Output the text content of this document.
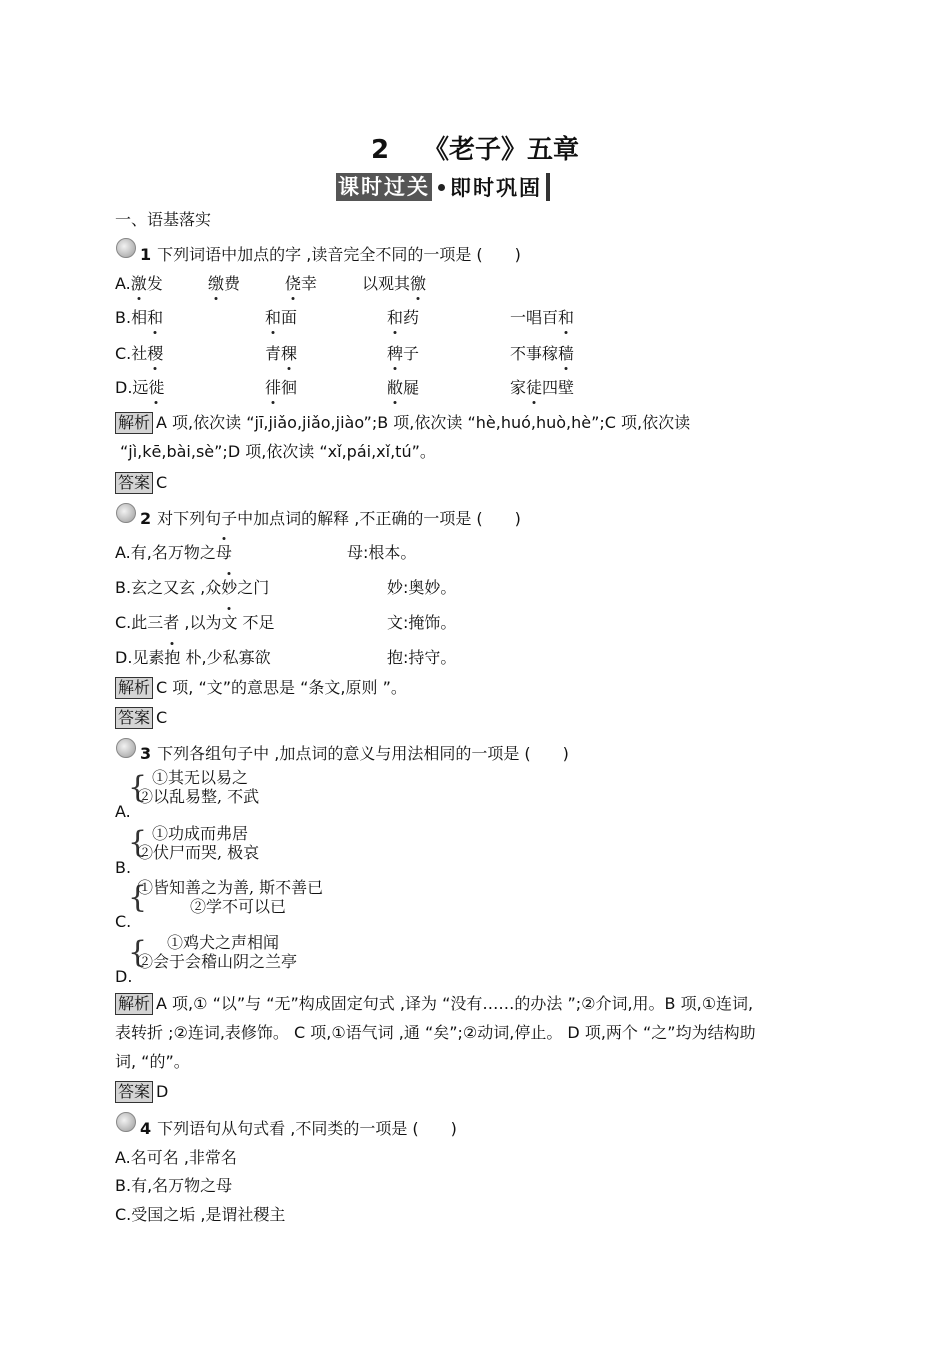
2 《老子》五章
课时过关 即时巩固
一、语基落实
1 下列词语中加点的字 ,读音完全不同的一项是 (　　)
A.激发	缴费	侥幸	以观其徼
B.相和	和面	和药	一唱百和
C.社稷	青稞	稗子	不事稼穑
D.远徙	徘徊	敝屣	家徒四壁
解析 A 项,依次读 “jī,jiǎo,jiǎo,jiào”;B 项,依次读 “hè,huó,huò,hè”;C 项,依次读
“jì,kē,bài,sè”;D 项,依次读 “xǐ,pái,xǐ,tú”。
答案 C
2 对下列句子中加点词的解释 ,不正确的一项是 (　　)
A.有,名万物之母	母:根本。
B.玄之又玄 ,众妙之门	妙:奥妙。
C.此三者 ,以为文 不足	文:掩饰。
D.见素抱 朴,少私寡欲	抱:持守。
解析 C 项, “文”的意思是 “条文,原则 ”。
答案 C
3 下列各组句子中 ,加点词的意义与用法相同的一项是 (　　)
{ ①其无以易之
②以乱易整, 不武
A.
{ ①功成而弗居
②伏尸而哭, 极哀
B.
{
①皆知善之为善, 斯不善已
②学不可以已
C.
{ ①鸡犬之声相闻
②会于会稽山阴之兰亭
D.
解析 A 项,① “以”与 “无”构成固定句式 ,译为 “没有……的办法 ”;②介词,用。B 项,①连词,
表转折 ;②连词,表修饰。 C 项,①语气词 ,通 “矣”;②动词,停止。 D 项,两个 “之”均为结构助
词, “的”。
答案 D
4 下列语句从句式看 ,不同类的一项是 (　　)
A.名可名 ,非常名
B.有,名万物之母
C.受国之垢 ,是谓社稷主
